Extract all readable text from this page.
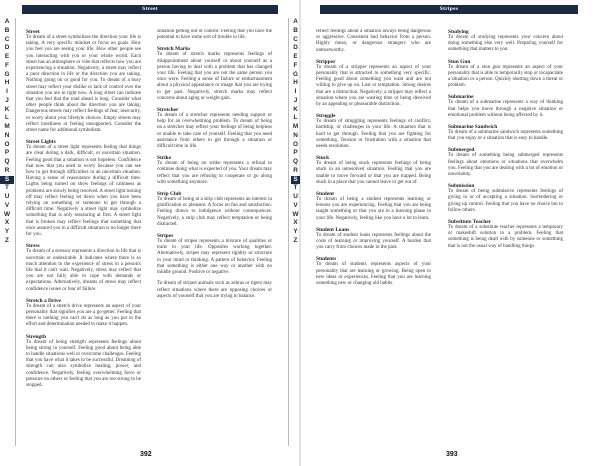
Street
A
B
C
D
E
F
G
H
I
J
K
L
M
N
O
P
Q
R
S
T
U
V
W
X
Y
Z

Street

To dream of a street symbolizes the direction your life is taking. A very specific mindset or focus on goals. How you feel you are seeing your life. How other people see you interacting with you or your whole world. Each street has an atmosphere or vibe that reflects how you are experiencing a situation. Negatively, a street may reflect a poor direction in life or the direction you are taking. Nothing going on or good for you. To dream of a busy street may reflect your dislike or lack of control over the situation you are in right now. A long street can indicate that you feel that the road ahead is long. Consider what other people think about the direction you are taking. Dangerous streets may reflect feelings of fear, insecurity, or worry about your lifestyle choices. Empty streets may reflect loneliness or feeling unsupported. Consider the street name for additional symbolism.

Street Lights

To dream of a street light represents feeling that things are clear during a dark, difficult, or uncertain situation. Feeling good that a situation is not hopeless. Confidence that now that you need to worry because you can see how to get through difficulties in an uncertain situation. Having a sense of reassurance during a difficult time. Lights being turned on show feelings of calmness as problems are slowly being resolved. A street light turning off may reflect feeling let down when you have been relying on something or someone to get through a difficult time. Negatively a street light may symbolize something that is only reassuring at first. A street light that is broken may reflect feelings that something that once assured you in a difficult situation is no longer there for you.

Stress

To dream of a stressor represents a direction in life that is uncertain or undesirable. It indicates where there is so much attention to the experience of stress in a person's life that it can't wait. Negatively, stress may reflect that you are not fully able to cope with demands or expectations. Alternatively, dreams of stress may reflect confidence issues or fear of failure.

Stretch a Drive

To dream of a stretch drive represents an aspect of your personality that signifies you are a go-getter. Feeling that there is nothing you can't do as long as you put in the effort and determination needed to make it happen.

Strength

To dream of being strength represents feelings about being strong in yourself. Feeling good about being able to handle situations well or overcome challenges. Feeling that you have what it takes to be successful. Dreaming of strength can also symbolize healing, power, and confidence. Negatively, feeling overwhelming force or pressure on others or feeling that you are too strong to be stopped.

situation getting out of control. Feeling that you have the potential to have some sort of trouble in life.

Stretch Marks

To dream of stretch marks represents feelings of disappointment about yourself or about yourself as a person having to deal with a problem that has changed your life. Feeling that you are not the same person you once were. Feeling a sense of failure or embarrassment about a physical appearance or image that you are trying to get past. Negatively, stretch marks may reflect concerns about aging or weight gain.

Stretcher

To dream of a stretcher represents needing support or help for an overwhelming problem. To dream of being on a stretcher may reflect your feelings of being helpless or unable to take care of yourself. Feeling that you need assistance from others to get through a situation or difficult time in life.

Strike

To dream of being on strike represents a refusal to continue doing what is expected of you. Your dream may reflect that you are refusing to cooperate or go along with something anymore.

Strip Club

To dream of being at a strip club represents an interest in gratification or pleasure. A focus on fun and satisfaction. Feeling drawn to indulgence without consequences. Negatively, a strip club may reflect temptation or being distracted.

Stripes

To dream of stripes represents a mixture of qualities or traits in your life. Opposites working together. Alternatively, stripes may represent rigidity or structure in your mind or thinking. A pattern of behavior. Feeling that something is either one way or another with no middle ground. Positive or negative.

To dream of striped animals such as zebras or tigers may reflect situations where there are opposing choices or aspects of yourself that you are trying to balance.

392
Stripes

reflect feelings about a situation always being dangerous or aggressive. Consistent bad behavior from a person. Highly mean, or dangerous strangers who are untrustworthy.

Stripper

To dream of a stripper represents an aspect of your personality that is attracted to something very specific. Feeling good about something you want and are not willing to give up on. Lust or temptation. Strong desires that are a distraction. Negatively, a stripper may reflect a situation where you are wasting time or being deceived by an appealing or pleasurable distraction.

Struggle

To dream of struggling represents feelings of conflict, hardship, or challenges in your life. A situation that is hard to get through. Feeling that you are fighting for something. Tension or frustration with a situation that needs resolution.

Stuck

To dream of being stuck represents feelings of being stuck in an unresolved situation. Feeling that you are unable to move forward or that you are trapped. Being stuck in a place that you cannot leave or get out of.

Student

To dream of being a student represents learning or lessons you are experiencing. Feeling that you are being taught something or that you are in a learning phase in your life. Negatively, feeling like you have a lot to learn.

Student Loans

To dream of student loans represents feelings about the costs of learning or improving yourself. A burden that you carry from choices made in the past.

Students

To dream of students represents aspects of your personality that are learning or growing. Being open to new ideas or experiences. Feeling that you are learning something new or changing old habits.

Studying

To dream of studying represents your concern about doing something else very well. Preparing yourself for something that matters to you.

Stun Gun

To dream of a stun gun represents an aspect of your personality that is able to temporarily stop or incapacitate a situation or a person. Quickly shutting down a threat or problem.

Submarine

To dream of a submarine represents a way of thinking that helps you move through a negative situation or emotional problem without being affected by it.

Submarine Sandwich

To dream of a submarine sandwich represents something that you enjoy or a situation that is easy to handle.

Submerged

To dream of something being submerged represents feelings about emotions or situations that overwhelm you. Feeling that you are dealing with a lot of emotion or uncertainty.

Submission

To dream of being submissive represents feelings of giving in or of accepting a situation. Surrendering or giving up control. Feeling that you have no choice but to follow others.

Substitute Teacher

To dream of a substitute teacher represents a temporary or makeshift solution to a problem. Feeling that something is being dealt with by someone or something that is not the usual way of handling things.

393
A
B
C
D
E
F
G
H
I
J
K
L
M
N
O
P
Q
R
S
T
U
V
W
X
Y
Z
